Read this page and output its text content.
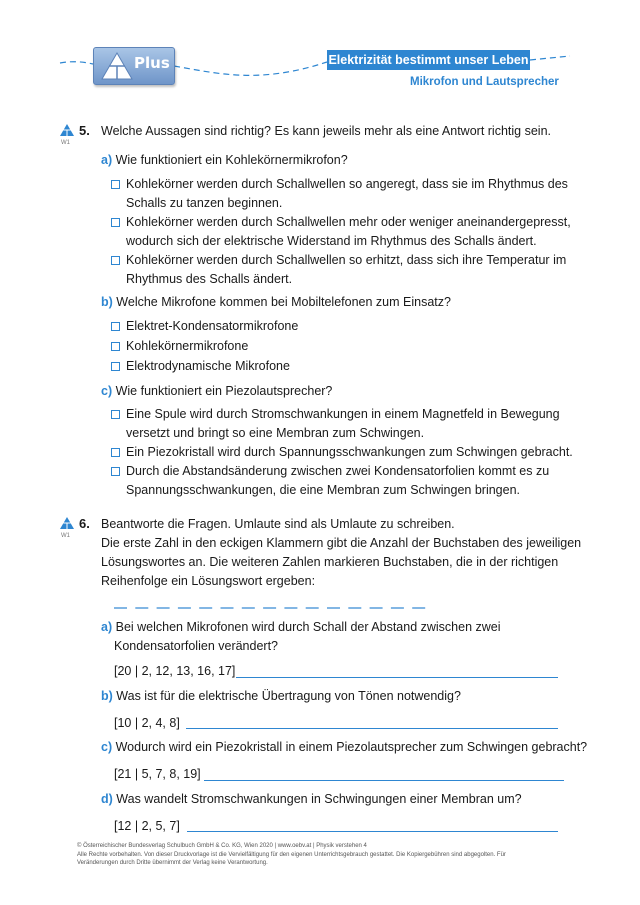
Plus	Elektrizität bestimmt unser Leben
Mikrofon und Lautsprecher
W1
5. Welche Aussagen sind richtig? Es kann jeweils mehr als eine Antwort richtig sein.
a) Wie funktioniert ein Kohlekörnermikrofon?
Kohlekörner werden durch Schallwellen so angeregt, dass sie im Rhythmus des
Schalls zu tanzen beginnen.
Kohlekörner werden durch Schallwellen mehr oder weniger aneinandergepresst,
wodurch sich der elektrische Widerstand im Rhythmus des Schalls ändert.
Kohlekörner werden durch Schallwellen so erhitzt, dass sich ihre Temperatur im
Rhythmus des Schalls ändert.
b) Welche Mikrofone kommen bei Mobiltelefonen zum Einsatz?
Elektret-Kondensatormikrofone
Kohlekörnermikrofone
Elektrodynamische Mikrofone
c) Wie funktioniert ein Piezolautsprecher?
Eine Spule wird durch Stromschwankungen in einem Magnetfeld in Bewegung
versetzt und bringt so eine Membran zum Schwingen.
Ein Piezokristall wird durch Spannungsschwankungen zum Schwingen gebracht.
Durch die Abstandsänderung zwischen zwei Kondensatorfolien kommt es zu
Spannungsschwankungen, die eine Membran zum Schwingen bringen.
W1
6. Beantworte die Fragen. Umlaute sind als Umlaute zu schreiben.
Die erste Zahl in den eckigen Klammern gibt die Anzahl der Buchstaben des jeweiligen
Lösungswortes an. Die weiteren Zahlen markieren Buchstaben, die in der richtigen
Reihenfolge ein Lösungswort ergeben:
a) Bei welchen Mikrofonen wird durch Schall der Abstand zwischen zwei
Kondensatorfolien verändert?
[20 | 2, 12, 13, 16, 17]
b) Was ist für die elektrische Übertragung von Tönen notwendig?
[10 | 2, 4, 8]
c) Wodurch wird ein Piezokristall in einem Piezolautsprecher zum Schwingen gebracht?
[21 | 5, 7, 8, 19]
d) Was wandelt Stromschwankungen in Schwingungen einer Membran um?
[12 | 2, 5, 7]
© Österreichischer Bundesverlag Schulbuch GmbH & Co. KG, Wien 2020 | www.oebv.at | Physik verstehen 4
Alle Rechte vorbehalten. Von dieser Druckvorlage ist die Vervielfältigung für den eigenen Unterrichtsgebrauch gestattet. Die Kopiergebühren sind abgegolten. Für
Veränderungen durch Dritte übernimmt der Verlag keine Verantwortung.
